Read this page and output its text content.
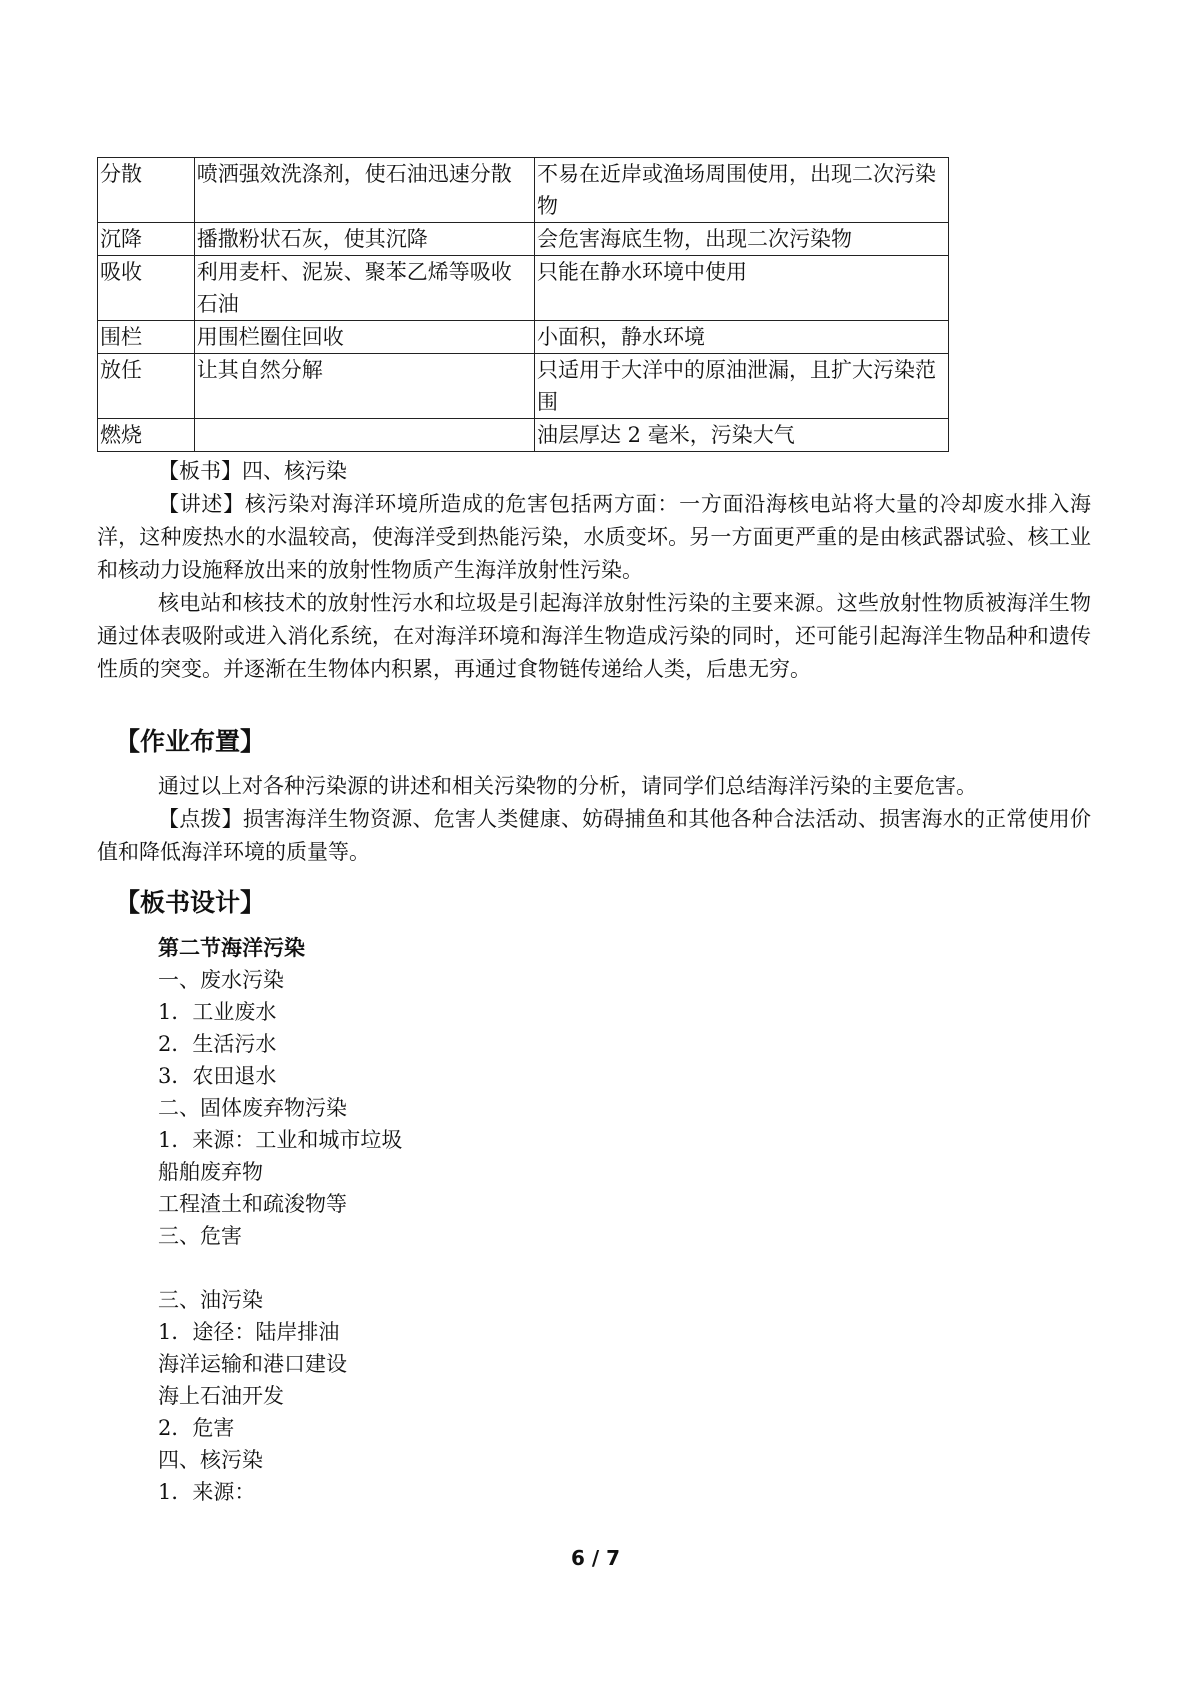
分散	喷洒强效洗涤剂，使石油迅速分散	不易在近岸或渔场周围使用，出现二次污染物
沉降	播撒粉状石灰，使其沉降	会危害海底生物，出现二次污染物
吸收	利用麦杆、泥炭、聚苯乙烯等吸收石油	只能在静水环境中使用
围栏	用围栏圈住回收	小面积，静水环境
放任	让其自然分解	只适用于大洋中的原油泄漏，且扩大污染范围
燃烧		油层厚达 2 毫米，污染大气

【板书】四、核污染

【讲述】核污染对海洋环境所造成的危害包括两方面：一方面沿海核电站将大量的冷却废水排入海洋，这种废热水的水温较高，使海洋受到热能污染，水质变坏。另一方面更严重的是由核武器试验、核工业和核动力设施释放出来的放射性物质产生海洋放射性污染。

核电站和核技术的放射性污水和垃圾是引起海洋放射性污染的主要来源。这些放射性物质被海洋生物通过体表吸附或进入消化系统，在对海洋环境和海洋生物造成污染的同时，还可能引起海洋生物品种和遗传性质的突变。并逐渐在生物体内积累，再通过食物链传递给人类，后患无穷。

【作业布置】

通过以上对各种污染源的讲述和相关污染物的分析，请同学们总结海洋污染的主要危害。

【点拨】损害海洋生物资源、危害人类健康、妨碍捕鱼和其他各种合法活动、损害海水的正常使用价值和降低海洋环境的质量等。

【板书设计】
第二节海洋污染
一、废水污染
1．工业废水
2．生活污水
3．农田退水
二、固体废弃物污染
1．来源：工业和城市垃圾
船舶废弃物
工程渣土和疏浚物等
三、危害
三、油污染
1．途径：陆岸排油
海洋运输和港口建设
海上石油开发
2．危害
四、核污染
1．来源：
6 / 7
